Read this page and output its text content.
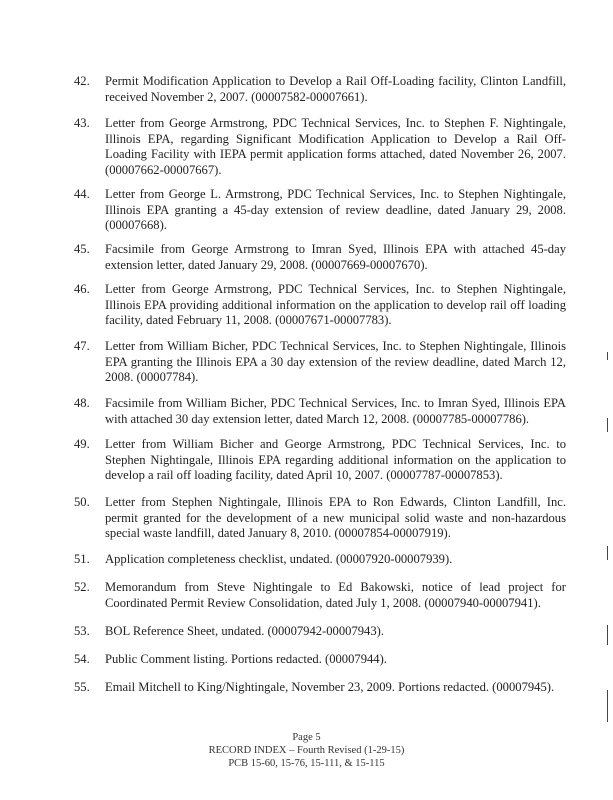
42. Permit Modification Application to Develop a Rail Off-Loading facility, Clinton Landfill, received November 2, 2007. (00007582-00007661).
43. Letter from George Armstrong, PDC Technical Services, Inc. to Stephen F. Nightingale, Illinois EPA, regarding Significant Modification Application to Develop a Rail Off-Loading Facility with IEPA permit application forms attached, dated November 26, 2007. (00007662-00007667).
44. Letter from George L. Armstrong, PDC Technical Services, Inc. to Stephen Nightingale, Illinois EPA granting a 45-day extension of review deadline, dated January 29, 2008. (00007668).
45. Facsimile from George Armstrong to Imran Syed, Illinois EPA with attached 45-day extension letter, dated January 29, 2008. (00007669-00007670).
46. Letter from George Armstrong, PDC Technical Services, Inc. to Stephen Nightingale, Illinois EPA providing additional information on the application to develop rail off loading facility, dated February 11, 2008. (00007671-00007783).
47. Letter from William Bicher, PDC Technical Services, Inc. to Stephen Nightingale, Illinois EPA granting the Illinois EPA a 30 day extension of the review deadline, dated March 12, 2008. (00007784).
48. Facsimile from William Bicher, PDC Technical Services, Inc. to Imran Syed, Illinois EPA with attached 30 day extension letter, dated March 12, 2008. (00007785-00007786).
49. Letter from William Bicher and George Armstrong, PDC Technical Services, Inc. to Stephen Nightingale, Illinois EPA regarding additional information on the application to develop a rail off loading facility, dated April 10, 2007. (00007787-00007853).
50. Letter from Stephen Nightingale, Illinois EPA to Ron Edwards, Clinton Landfill, Inc. permit granted for the development of a new municipal solid waste and non-hazardous special waste landfill, dated January 8, 2010. (00007854-00007919).
51. Application completeness checklist, undated. (00007920-00007939).
52. Memorandum from Steve Nightingale to Ed Bakowski, notice of lead project for Coordinated Permit Review Consolidation, dated July 1, 2008. (00007940-00007941).
53. BOL Reference Sheet, undated. (00007942-00007943).
54. Public Comment listing. Portions redacted. (00007944).
55. Email Mitchell to King/Nightingale, November 23, 2009. Portions redacted. (00007945).
Page 5
RECORD INDEX – Fourth Revised (1-29-15)
PCB 15-60, 15-76, 15-111, & 15-115
